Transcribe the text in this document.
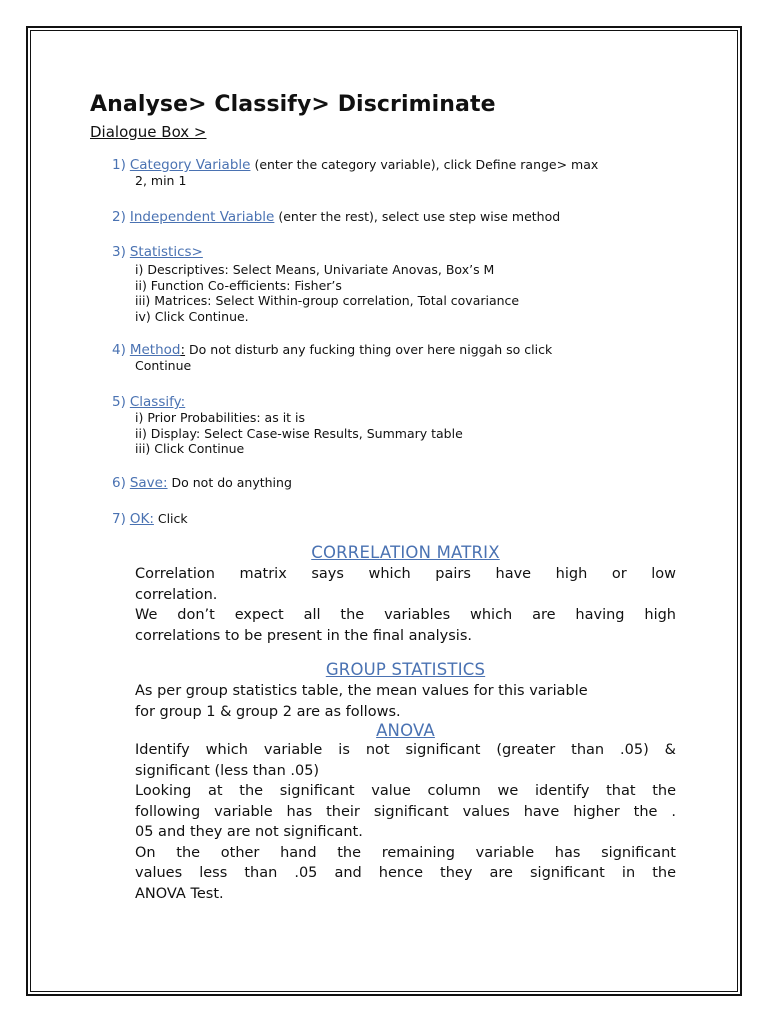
Analyse> Classify> Discriminate
Dialogue Box >
1) Category Variable (enter the category variable), click Define range> max
2, min 1
2) Independent Variable (enter the rest), select use step wise method
3) Statistics>
i) Descriptives: Select Means, Univariate Anovas, Box’s M
ii) Function Co-efficients: Fisher’s
iii) Matrices: Select Within-group correlation, Total covariance
iv) Click Continue.
4) Method: Do not disturb any fucking thing over here niggah so click
Continue
5) Classify:
i) Prior Probabilities: as it is
ii) Display: Select Case-wise Results, Summary table
iii) Click Continue
6) Save: Do not do anything
7) OK: Click
CORRELATION MATRIX
Correlation matrix says which pairs have high or low
correlation.
We don’t expect all the variables which are having high
correlations to be present in the final analysis.
GROUP STATISTICS
As per group statistics table, the mean values for this variable
for group 1 & group 2 are as follows.
ANOVA
Identify which variable is not significant (greater than .05) &
significant (less than .05)
Looking at the significant value column we identify that the
following variable has their significant values have higher the .
05 and they are not significant.
On the other hand the remaining variable has significant
values less than .05 and hence they are significant in the
ANOVA Test.
